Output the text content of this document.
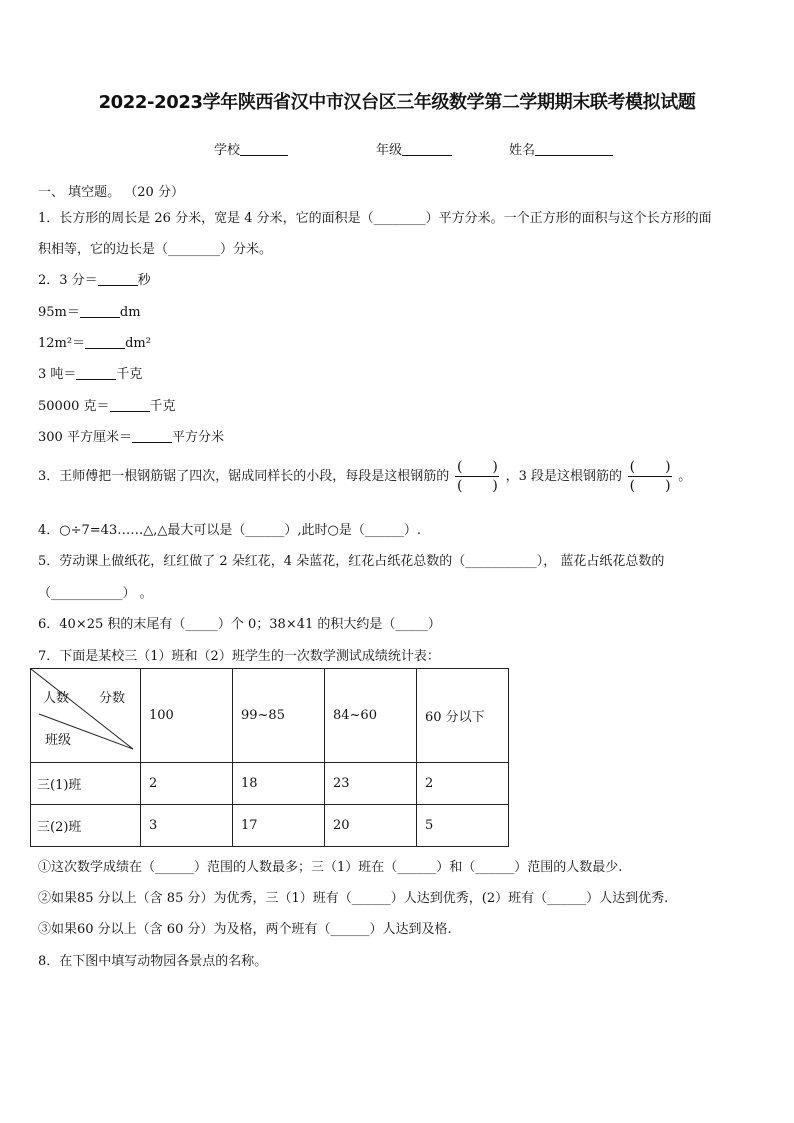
2022-2023学年陕西省汉中市汉台区三年级数学第二学期期末联考模拟试题
学校	年级	姓名
一、 填空题。 （20 分）
1．长方形的周长是 26 分米，宽是 4 分米，它的面积是（________）平方分米。一个正方形的面积与这个长方形的面
积相等，它的边长是（________）分米。
2．3 分＝	秒
95m＝	dm
12m²＝	dm²
3 吨＝	千克
50000 克＝	千克
300 平方厘米＝	平方分米
3．王师傅把一根钢筋锯了四次，锯成同样长的小段，每段是这根钢筋的 $\frac{( )}{( )}$ ，3 段是这根钢筋的 $\frac{( )}{( )}$ 。
4．○÷7=43……△,△最大可以是（______）,此时○是（______）.
5．劳动课上做纸花，红红做了 2 朵红花，4 朵蓝花，红花占纸花总数的（___________）， 蓝花占纸花总数的
（___________） 。
6．40×25 积的末尾有（_____）个 0；38×41 的积大约是（_____）
7．下面是某校三（1）班和（2）班学生的一次数学测试成绩统计表：
人数 分数
班级	100	99~85	84~60	60 分以下
三(1)班	2	18	23	2
三(2)班	3	17	20	5
①这次数学成绩在（______）范围的人数最多；三（1）班在（______）和（______）范围的人数最少.
②如果85 分以上（含 85 分）为优秀，三（1）班有（______）人达到优秀，(2）班有（______）人达到优秀.
③如果60 分以上（含 60 分）为及格，两个班有（______）人达到及格.
8．在下图中填写动物园各景点的名称。
